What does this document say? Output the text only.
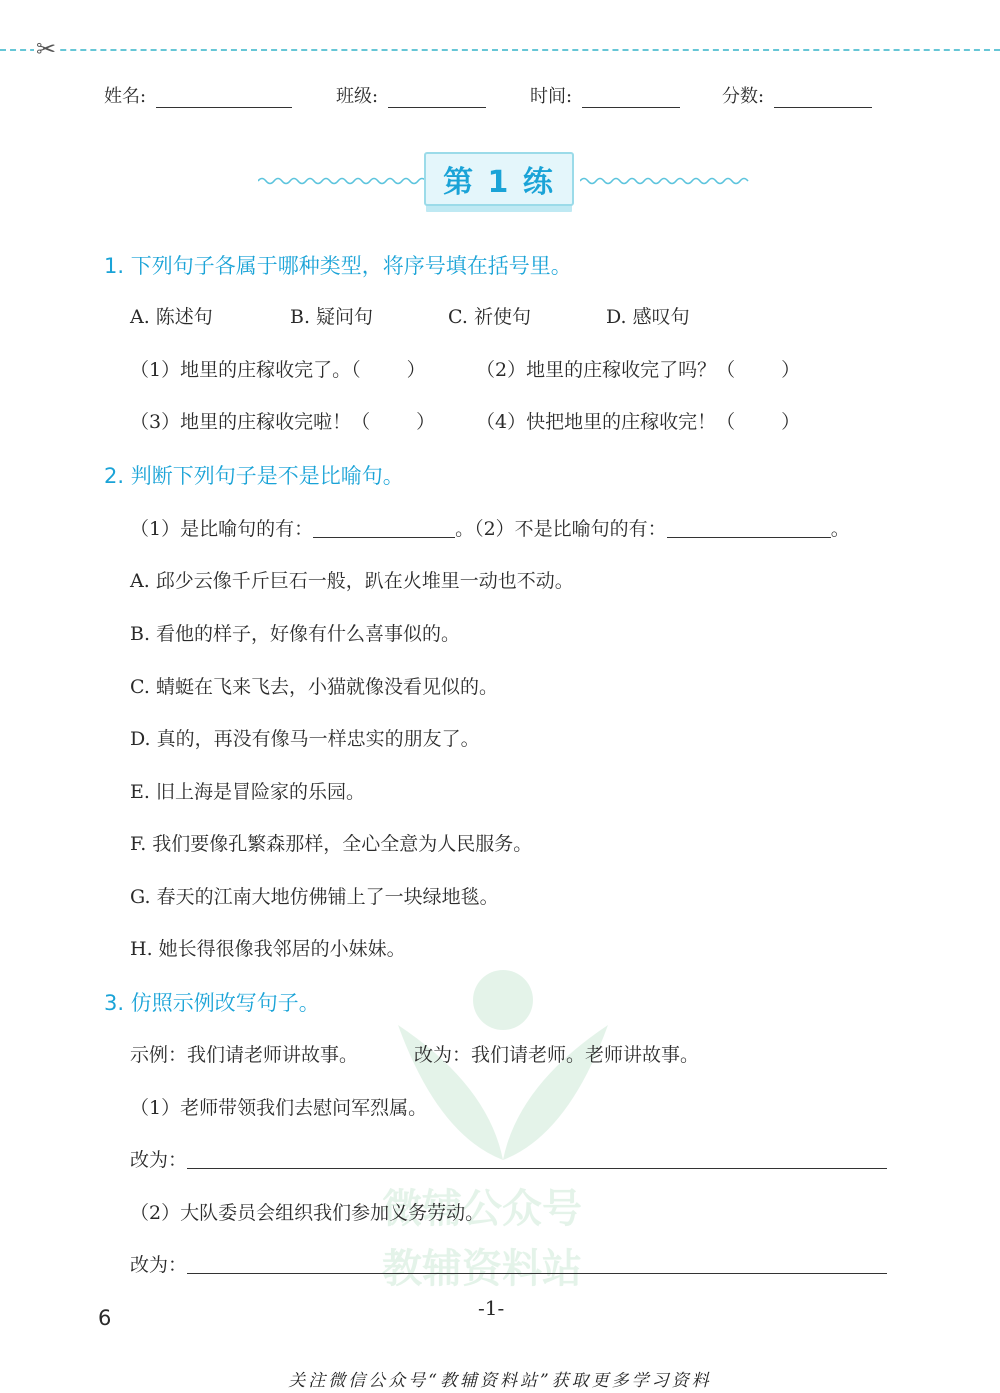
✂
姓名:	班级:	时间:	分数:
第 1 练
微辅公众号
教辅资料站
1. 下列句子各属于哪种类型，将序号填在括号里。
A. 陈述句	B. 疑问句	C. 祈使句	D. 感叹句
（1）地里的庄稼收完了。（ ）	（2）地里的庄稼收完了吗？（ ）
（3）地里的庄稼收完啦！（ ） （4）快把地里的庄稼收完！（ ）
2. 判断下列句子是不是比喻句。
（1）是比喻句的有：	。（2）不是比喻句的有：	。
A. 邱少云像千斤巨石一般，趴在火堆里一动也不动。
B. 看他的样子，好像有什么喜事似的。
C. 蜻蜓在飞来飞去，小猫就像没看见似的。
D. 真的，再没有像马一样忠实的朋友了。
E. 旧上海是冒险家的乐园。
F. 我们要像孔繁森那样，全心全意为人民服务。
G. 春天的江南大地仿佛铺上了一块绿地毯。
H. 她长得很像我邻居的小妹妹。
3. 仿照示例改写句子。
示例：我们请老师讲故事。	改为：我们请老师。老师讲故事。
（1）老师带领我们去慰问军烈属。
改为：
（2）大队委员会组织我们参加义务劳动。
改为：
-1-
6
关注微信公众号“教辅资料站”获取更多学习资料
